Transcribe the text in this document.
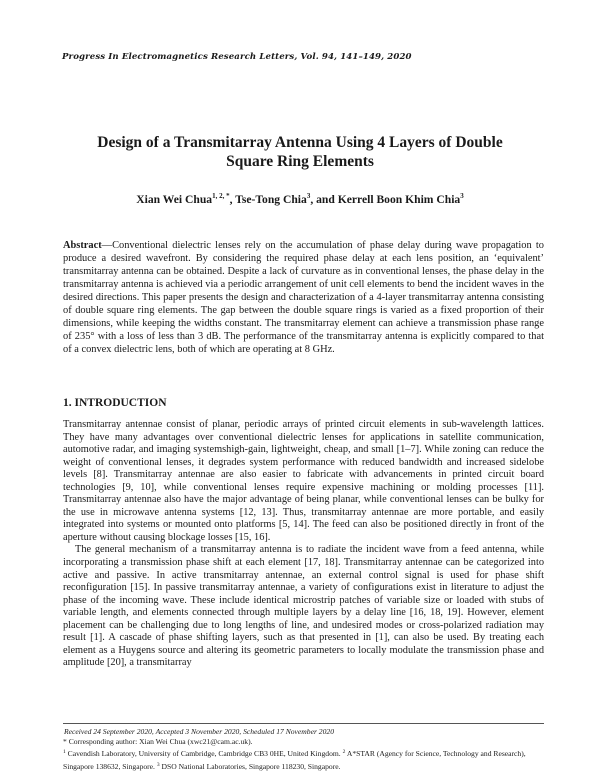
Progress In Electromagnetics Research Letters, Vol. 94, 141–149, 2020
Design of a Transmitarray Antenna Using 4 Layers of Double
Square Ring Elements
Xian Wei Chua$^{1, 2, *}$, Tse-Tong Chia$^3$, and Kerrell Boon Khim Chia$^3$

Abstract—Conventional dielectric lenses rely on the accumulation of phase delay during wave propagation to produce a desired wavefront. By considering the required phase delay at each lens position, an ‘equivalent’ transmitarray antenna can be obtained. Despite a lack of curvature as in conventional lenses, the phase delay in the transmitarray antenna is achieved via a periodic arrangement of unit cell elements to bend the incident waves in the desired directions. This paper presents the design and characterization of a 4-layer transmitarray antenna consisting of double square ring elements. The gap between the double square rings is varied as a fixed proportion of their dimensions, while keeping the widths constant. The transmitarray element can achieve a transmission phase range of 235° with a loss of less than 3 dB. The performance of the transmitarray antenna is explicitly compared to that of a convex dielectric lens, both of which are operating at 8 GHz.

1. INTRODUCTION

Transmitarray antennae consist of planar, periodic arrays of printed circuit elements in sub-wavelength lattices. They have many advantages over conventional dielectric lenses for applications in satellite communication, automotive radar, and imaging systemshigh-gain, lightweight, cheap, and small [1–7]. While zoning can reduce the weight of conventional lenses, it degrades system performance with reduced bandwidth and increased sidelobe levels [8]. Transmitarray antennae are also easier to fabricate with advancements in printed circuit board technologies [9, 10], while conventional lenses require expensive machining or molding processes [11]. Transmitarray antennae also have the major advantage of being planar, while conventional lenses can be bulky for the use in microwave antenna systems [12, 13]. Thus, transmitarray antennae are more portable, and easily integrated into systems or mounted onto platforms [5, 14]. The feed can also be positioned directly in front of the aperture without causing blockage losses [15, 16].

The general mechanism of a transmitarray antenna is to radiate the incident wave from a feed antenna, while incorporating a transmission phase shift at each element [17, 18]. Transmitarray antennae can be categorized into active and passive. In active transmitarray antennae, an external control signal is used for phase shift reconfiguration [15]. In passive transmitarray antennae, a variety of configurations exist in literature to adjust the phase of the incoming wave. These include identical microstrip patches of variable size or loaded with stubs of variable length, and elements connected through multiple layers by a delay line [16, 18, 19]. However, element placement can be challenging due to long lengths of line, and undesired modes or cross-polarized radiation may result [1]. A cascade of phase shifting layers, such as that presented in [1], can also be used. By treating each element as a Huygens source and altering its geometric parameters to locally modulate the transmission phase and amplitude [20], a transmitarray

Received 24 September 2020, Accepted 3 November 2020, Scheduled 17 November 2020
* Corresponding author: Xian Wei Chua (xwc21@cam.ac.uk).
$^1$ Cavendish Laboratory, University of Cambridge, Cambridge CB3 0HE, United Kingdom. $^2$ A*STAR (Agency for Science, Technology and Research), Singapore 138632, Singapore. $^3$ DSO National Laboratories, Singapore 118230, Singapore.
